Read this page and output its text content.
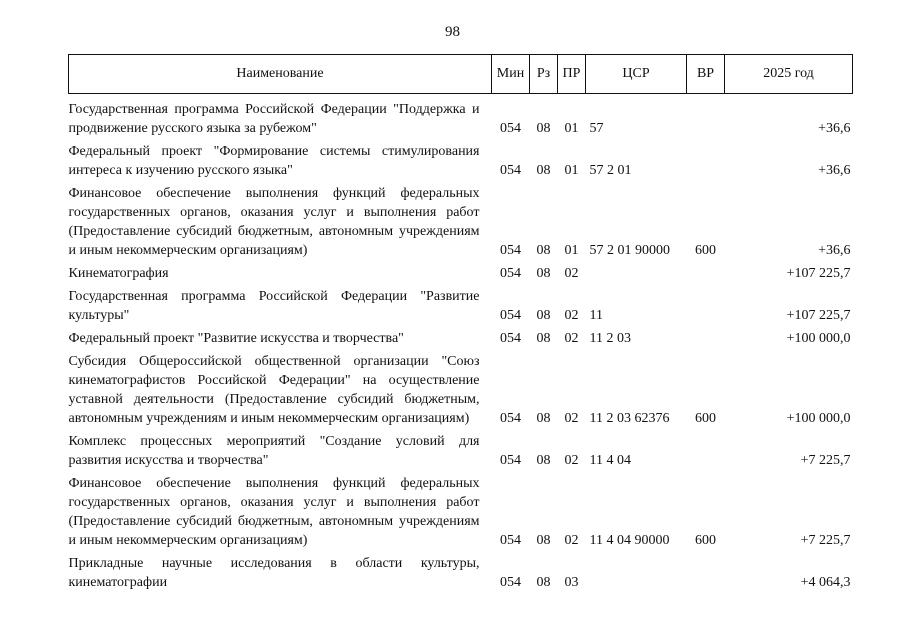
98
Наименование	Мин	Рз	ПР	ЦСР	ВР	2025 год
Государственная программа Российской Федерации "Поддержка и продвижение русского языка за рубежом"	054	08	01	57		+36,6
Федеральный проект "Формирование системы стимулирования интереса к изучению русского языка"	054	08	01	57 2 01		+36,6
Финансовое обеспечение выполнения функций федеральных государственных органов, оказания услуг и выполнения работ (Предоставление субсидий бюджетным, автономным учреждениям и иным некоммерческим организациям)	054	08	01	57 2 01 90000	600	+36,6
Кинематография	054	08	02			+107 225,7
Государственная программа Российской Федерации "Развитие культуры"	054	08	02	11		+107 225,7
Федеральный проект "Развитие искусства и творчества"	054	08	02	11 2 03		+100 000,0
Субсидия Общероссийской общественной организации "Союз кинематографистов Российской Федерации" на осуществление уставной деятельности (Предоставление субсидий бюджетным, автономным учреждениям и иным некоммерческим организациям)	054	08	02	11 2 03 62376	600	+100 000,0
Комплекс процессных мероприятий "Создание условий для развития искусства и творчества"	054	08	02	11 4 04		+7 225,7
Финансовое обеспечение выполнения функций федеральных государственных органов, оказания услуг и выполнения работ (Предоставление субсидий бюджетным, автономным учреждениям и иным некоммерческим организациям)	054	08	02	11 4 04 90000	600	+7 225,7
Прикладные научные исследования в области культуры, кинематографии	054	08	03			+4 064,3
